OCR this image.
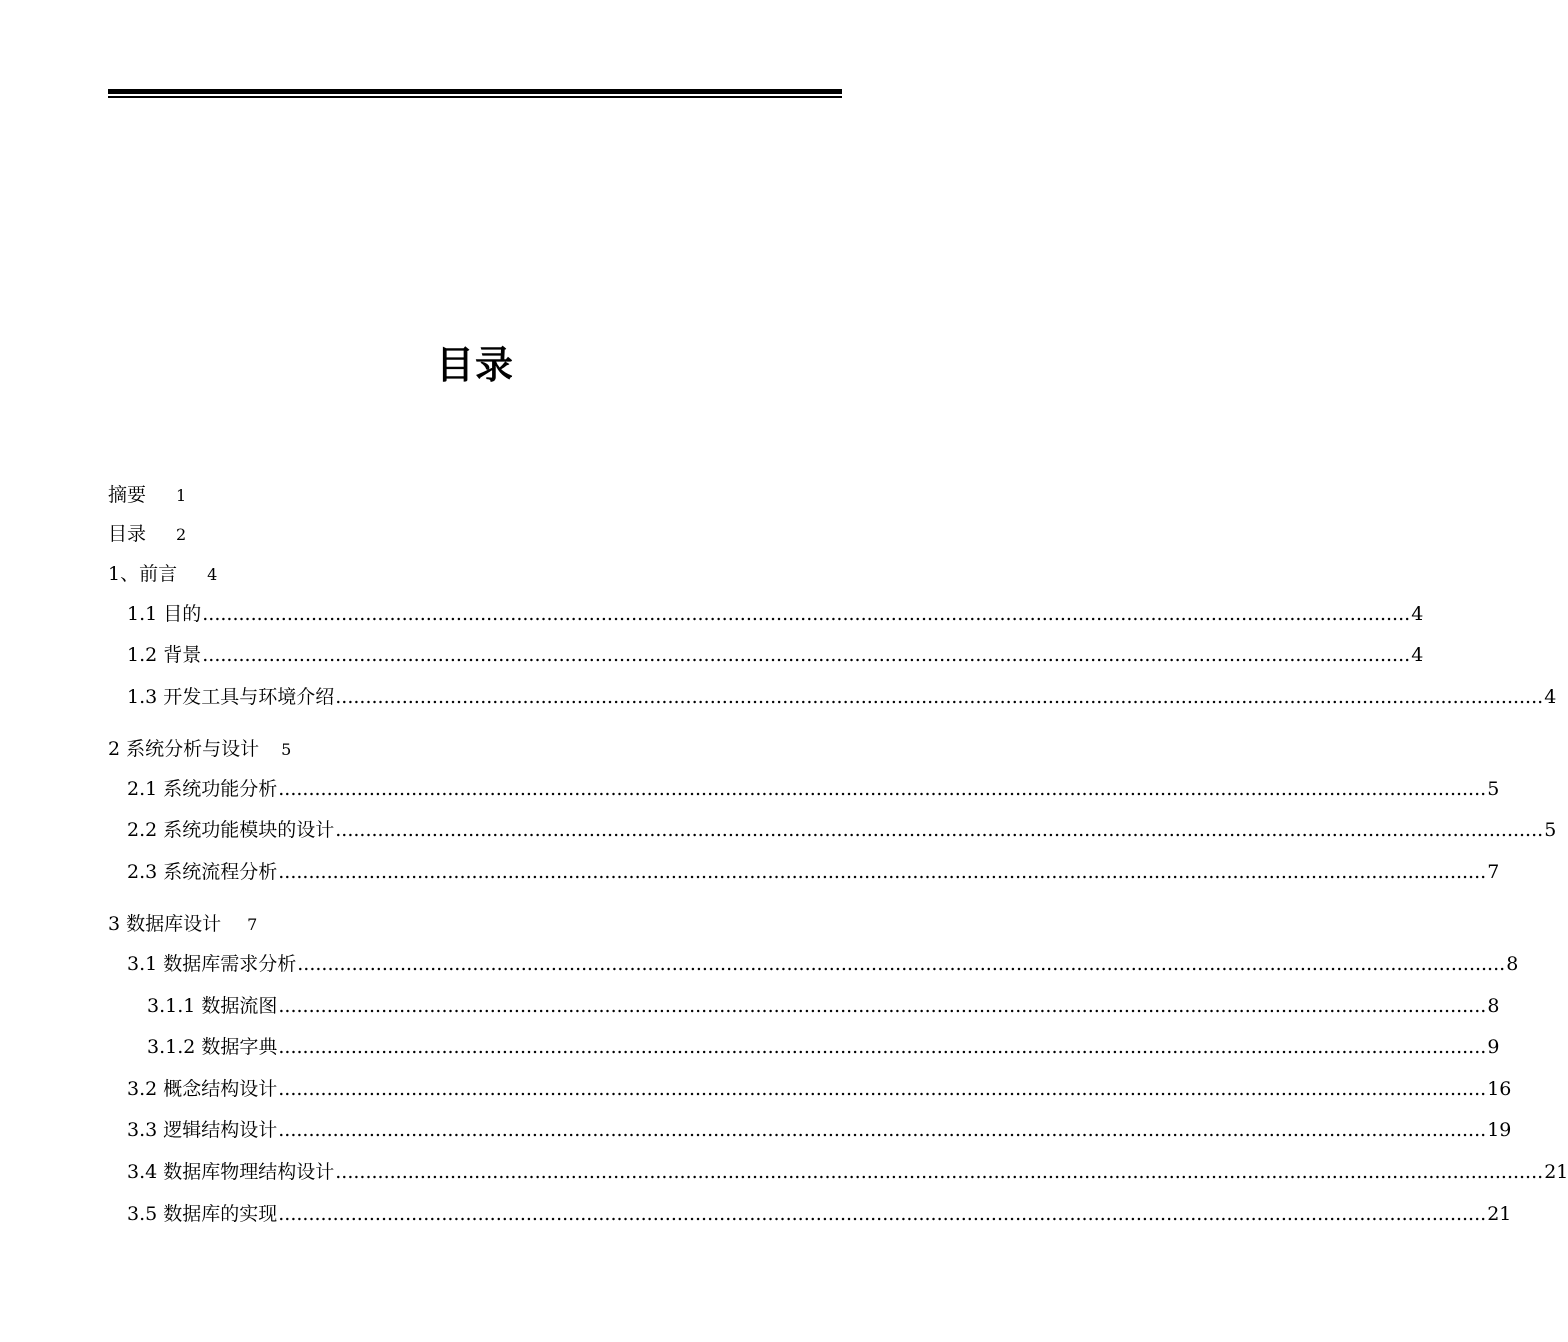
目录
摘要 1
目录 2
1、前言 4
1.1 目的 ........................................................................................................................................................................................................ 4
1.2 背景 ........................................................................................................................................................................................................ 4
1.3 开发工具与环境介绍 ........................................................................................................................................................................................................ 4
2 系统分析与设计 5
2.1 系统功能分析 ........................................................................................................................................................................................................ 5
2.2 系统功能模块的设计 ........................................................................................................................................................................................................ 5
2.3 系统流程分析 ........................................................................................................................................................................................................ 7
3 数据库设计 7
3.1 数据库需求分析 ........................................................................................................................................................................................................ 8
3.1.1 数据流图 ........................................................................................................................................................................................................ 8
3.1.2 数据字典 ........................................................................................................................................................................................................ 9
3.2 概念结构设计 ........................................................................................................................................................................................................ 16
3.3 逻辑结构设计 ........................................................................................................................................................................................................ 19
3.4 数据库物理结构设计 ........................................................................................................................................................................................................ 21
3.5 数据库的实现 ........................................................................................................................................................................................................ 21
